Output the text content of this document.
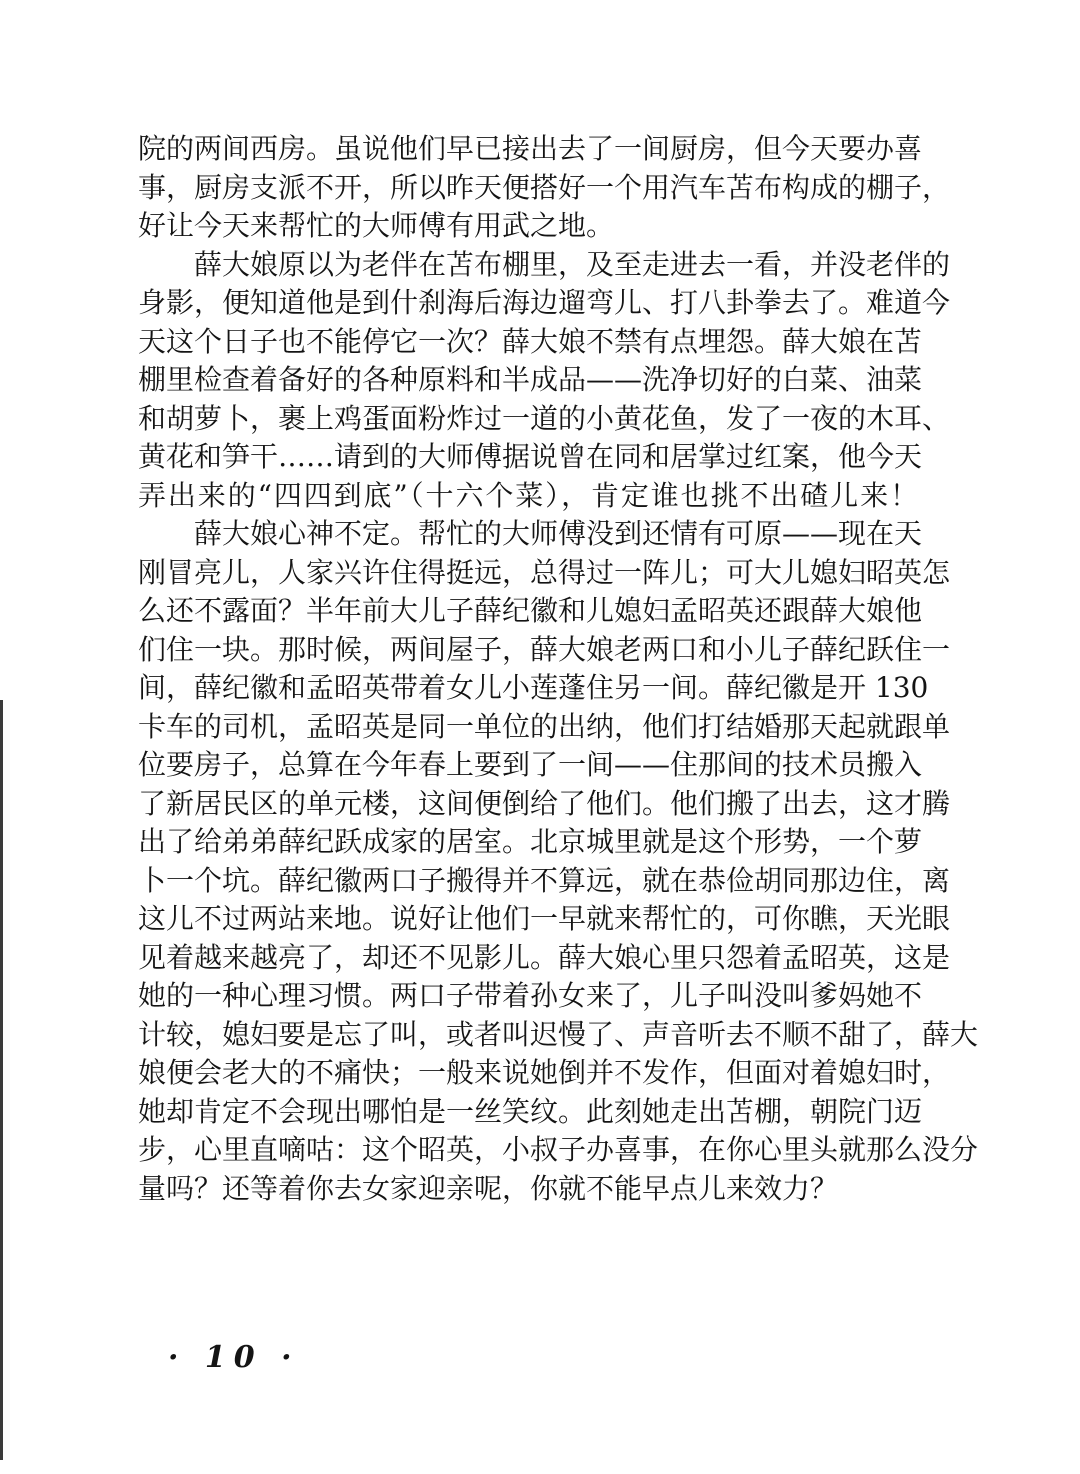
院的两间西房。虽说他们早已接出去了一间厨房，但今天要办喜
事，厨房支派不开，所以昨天便搭好一个用汽车苫布构成的棚子，
好让今天来帮忙的大师傅有用武之地。
薛大娘原以为老伴在苫布棚里，及至走进去一看，并没老伴的
身影，便知道他是到什刹海后海边遛弯儿、打八卦拳去了。难道今
天这个日子也不能停它一次？薛大娘不禁有点埋怨。薛大娘在苫
棚里检查着备好的各种原料和半成品——洗净切好的白菜、油菜
和胡萝卜，裹上鸡蛋面粉炸过一道的小黄花鱼，发了一夜的木耳、
黄花和笋干……请到的大师傅据说曾在同和居掌过红案，他今天
弄出来的“四四到底”（十六个菜），肯定谁也挑不出碴儿来！
薛大娘心神不定。帮忙的大师傅没到还情有可原——现在天
刚冒亮儿，人家兴许住得挺远，总得过一阵儿；可大儿媳妇昭英怎
么还不露面？半年前大儿子薛纪徽和儿媳妇孟昭英还跟薛大娘他
们住一块。那时候，两间屋子，薛大娘老两口和小儿子薛纪跃住一
间，薛纪徽和孟昭英带着女儿小莲蓬住另一间。薛纪徽是开 130
卡车的司机，孟昭英是同一单位的出纳，他们打结婚那天起就跟单
位要房子，总算在今年春上要到了一间——住那间的技术员搬入
了新居民区的单元楼，这间便倒给了他们。他们搬了出去，这才腾
出了给弟弟薛纪跃成家的居室。北京城里就是这个形势，一个萝
卜一个坑。薛纪徽两口子搬得并不算远，就在恭俭胡同那边住，离
这儿不过两站来地。说好让他们一早就来帮忙的，可你瞧，天光眼
见着越来越亮了，却还不见影儿。薛大娘心里只怨着孟昭英，这是
她的一种心理习惯。两口子带着孙女来了，儿子叫没叫爹妈她不
计较，媳妇要是忘了叫，或者叫迟慢了、声音听去不顺不甜了，薛大
娘便会老大的不痛快；一般来说她倒并不发作，但面对着媳妇时，
她却肯定不会现出哪怕是一丝笑纹。此刻她走出苫棚，朝院门迈
步，心里直嘀咕：这个昭英，小叔子办喜事，在你心里头就那么没分
量吗？还等着你去女家迎亲呢，你就不能早点儿来效力？
· 10 ·
